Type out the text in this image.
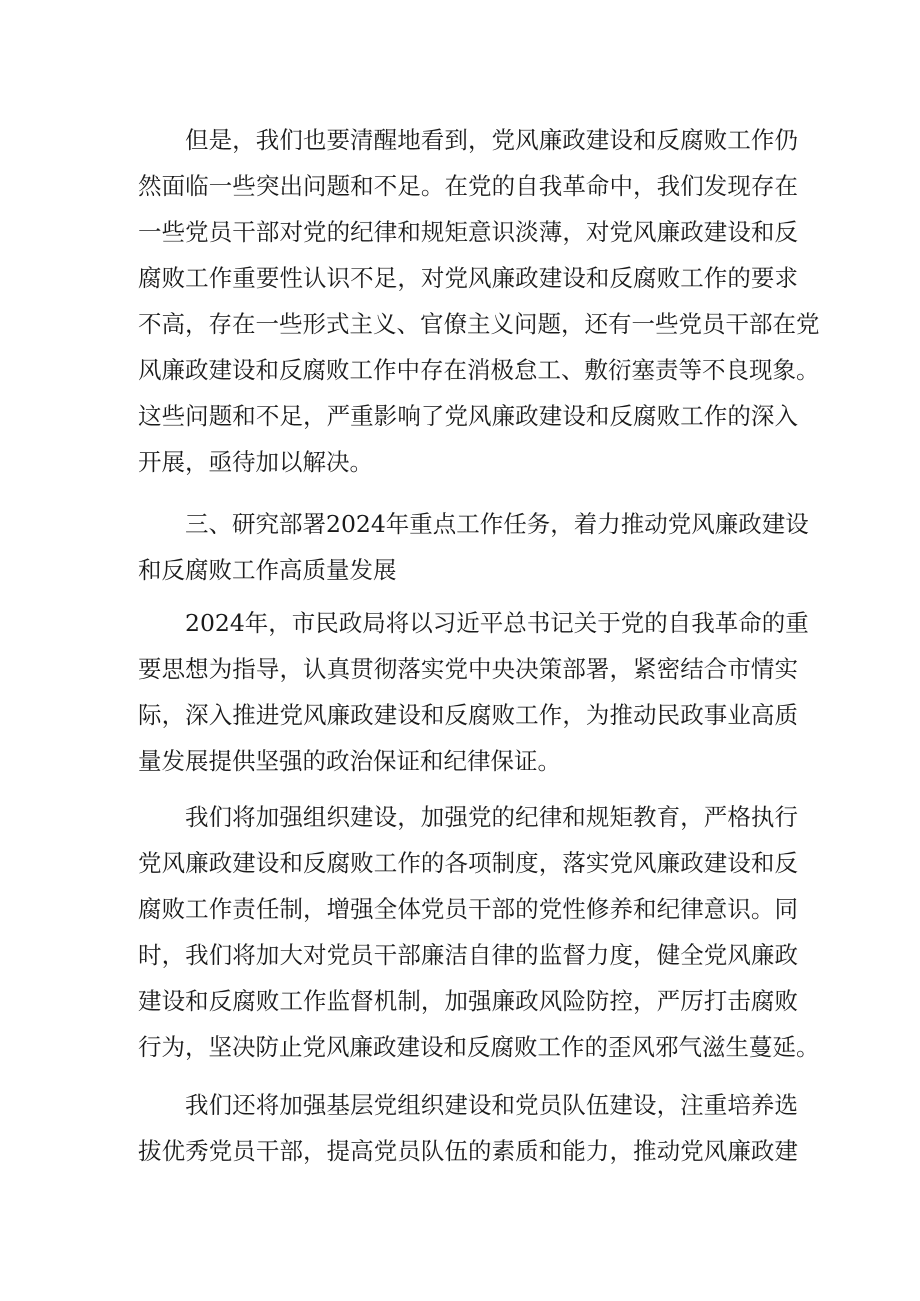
但是，我们也要清醒地看到，党风廉政建设和反腐败工作仍
然面临一些突出问题和不足。在党的自我革命中，我们发现存在
一些党员干部对党的纪律和规矩意识淡薄，对党风廉政建设和反
腐败工作重要性认识不足，对党风廉政建设和反腐败工作的要求
不高，存在一些形式主义、官僚主义问题，还有一些党员干部在党
风廉政建设和反腐败工作中存在消极怠工、敷衍塞责等不良现象。
这些问题和不足，严重影响了党风廉政建设和反腐败工作的深入
开展，亟待加以解决。
三、研究部署2024年重点工作任务，着力推动党风廉政建设
和反腐败工作高质量发展
2024年，市民政局将以习近平总书记关于党的自我革命的重
要思想为指导，认真贯彻落实党中央决策部署，紧密结合市情实
际，深入推进党风廉政建设和反腐败工作，为推动民政事业高质
量发展提供坚强的政治保证和纪律保证。
我们将加强组织建设，加强党的纪律和规矩教育，严格执行
党风廉政建设和反腐败工作的各项制度，落实党风廉政建设和反
腐败工作责任制，增强全体党员干部的党性修养和纪律意识。同
时，我们将加大对党员干部廉洁自律的监督力度，健全党风廉政
建设和反腐败工作监督机制，加强廉政风险防控，严厉打击腐败
行为，坚决防止党风廉政建设和反腐败工作的歪风邪气滋生蔓延。
我们还将加强基层党组织建设和党员队伍建设，注重培养选
拔优秀党员干部，提高党员队伍的素质和能力，推动党风廉政建
